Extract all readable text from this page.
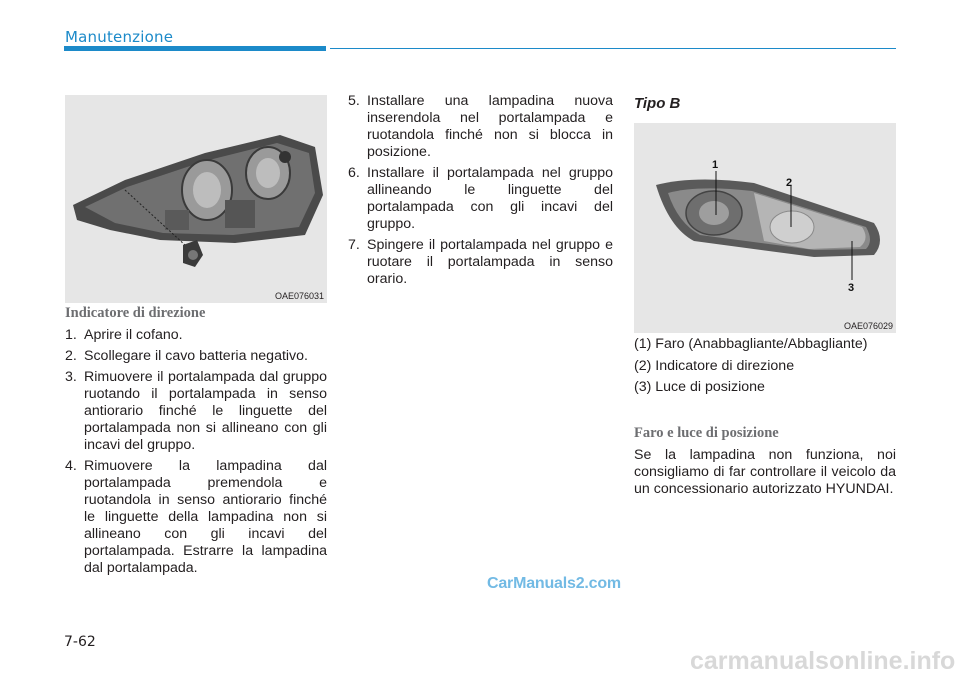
Manutenzione
OAE076031
Indicatore di direzione
1. Aprire il cofano.
2. Scollegare il cavo batteria negativo.
3. Rimuovere il portalampada dal gruppo ruotando il portalampada in senso antiorario finché le linguette del portalampada non si allineano con gli incavi del gruppo.
4. Rimuovere la lampadina dal portalampada premendola e ruotandola in senso antiorario finché le linguette della lampadina non si allineano con gli incavi del portalampada. Estrarre la lampadina dal portalampada.
5. Installare una lampadina nuova inserendola nel portalampada e ruotandola finché non si blocca in posizione.
6. Installare il portalampada nel gruppo allineando le linguette del portalampada con gli incavi del gruppo.
7. Spingere il portalampada nel gruppo e ruotare il portalampada in senso orario.
Tipo B
1
2
3
OAE076029
(1) Faro (Anabbagliante/Abbagliante)
(2) Indicatore di direzione
(3) Luce di posizione
Faro e luce di posizione

Se la lampadina non funziona, noi consigliamo di far controllare il veicolo da un concessionario autorizzato HYUNDAI.

7-62
CarManuals2.com
carmanualsonline.info
